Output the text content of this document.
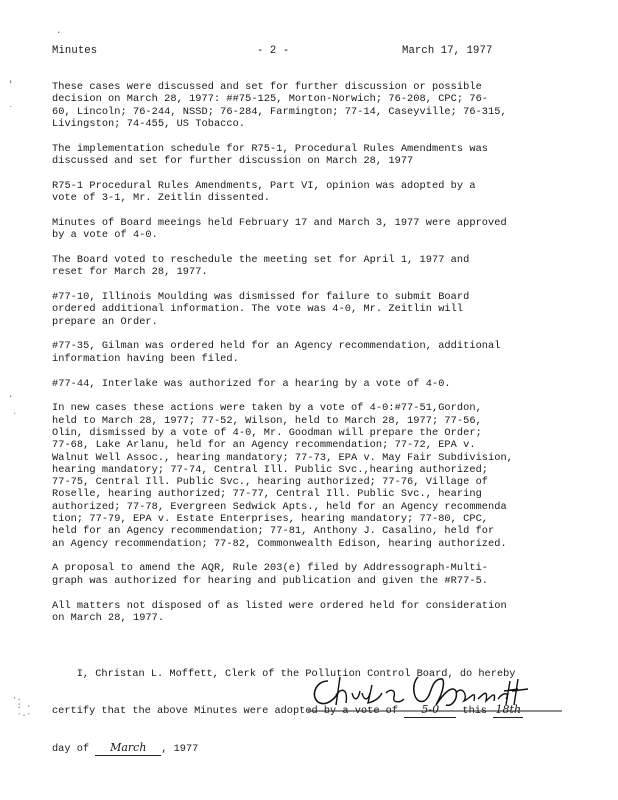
Minutes	- 2 -	March 17, 1977
·
'
˙
·
ˎ
·.
: ·
·.·

These cases were discussed and set for further discussion or possible
decision on March 28, 1977: ##75-125, Morton-Norwich; 76-208, CPC; 76-
60, Lincoln; 76-244, NSSD; 76-284, Farmington; 77-14, Caseyville; 76-315,
Livingston; 74-455, US Tobacco.

The implementation schedule for R75-1, Procedural Rules Amendments was
discussed and set for further discussion on March 28, 1977

R75-1 Procedural Rules Amendments, Part VI, opinion was adopted by a
vote of 3-1, Mr. Zeitlin dissented.

Minutes of Board meeings held February 17 and March 3, 1977 were approved
by a vote of 4-0.

The Board voted to reschedule the meeting set for April 1, 1977 and
reset for March 28, 1977.

#77-10, Illinois Moulding was dismissed for failure to submit Board
ordered additional information. The vote was 4-0, Mr. Zeitlin will
prepare an Order.

#77-35, Gilman was ordered held for an Agency recommendation, additional
information having been filed.

#77-44, Interlake was authorized for a hearing by a vote of 4-0.

In new cases these actions were taken by a vote of 4-0:#77-51,Gordon,
held to March 28, 1977; 77-52, Wilson, held to March 28, 1977; 77-56,
Olin, dismissed by a vote of 4-0, Mr. Goodman will prepare the Order;
77-68, Lake Arlanu, held for an Agency recommendation; 77-72, EPA v.
Walnut Well Assoc., hearing mandatory; 77-73, EPA v. May Fair Subdivision,
hearing mandatory; 77-74, Central Ill. Public Svc.,hearing authorized;
77-75, Central Ill. Public Svc., hearing authorized; 77-76, Village of
Roselle, hearing authorized; 77-77, Central Ill. Public Svc., hearing
authorized; 77-78, Evergreen Sedwick Apts., held for an Agency recommenda
tion; 77-79, EPA v. Estate Enterprises, hearing mandatory; 77-80, CPC,
held for an Agency recommendation; 77-81, Anthony J. Casalino, held for
an Agency recommendation; 77-82, Commonwealth Edison, hearing authorized.

A proposal to amend the AQR, Rule 203(e) filed by Addressograph-Multi-
graph was authorized for hearing and publication and given the #R77-5.

All matters not disposed of as listed were ordered held for consideration
on March 28, 1977.

I, Christan L. Moffett, Clerk of the Pollution Control Board, do hereby

certify that the above Minutes were adopted by a vote of 5-0 this 18th

day of March , 1977
